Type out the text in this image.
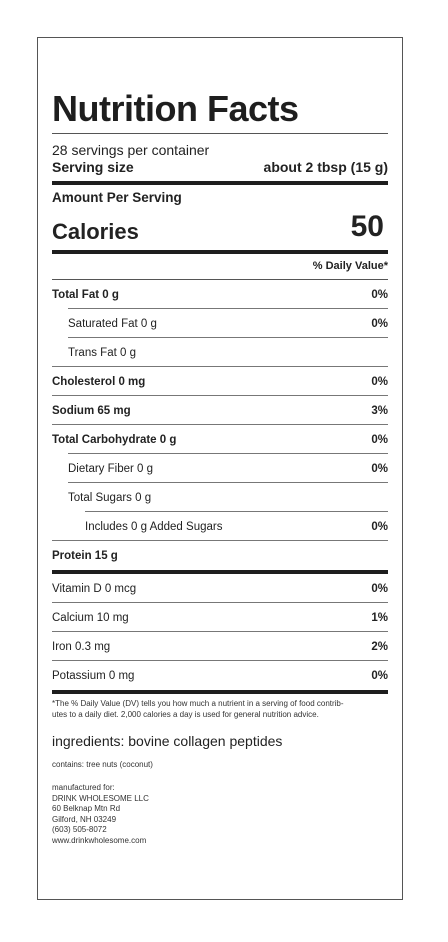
Nutrition Facts
28 servings per container
Serving size	about 2 tbsp (15 g)
Amount Per Serving
Calories	50
% Daily Value*
Total Fat 0 g	0%
Saturated Fat 0 g	0%
Trans Fat 0 g
Cholesterol 0 mg	0%
Sodium 65 mg	3%
Total Carbohydrate 0 g	0%
Dietary Fiber 0 g	0%
Total Sugars 0 g
Includes 0 g Added Sugars	0%
Protein 15 g
Vitamin D 0 mcg	0%
Calcium 10 mg	1%
Iron 0.3 mg	2%
Potassium 0 mg	0%
*The % Daily Value (DV) tells you how much a nutrient in a serving of food contrib-
utes to a daily diet. 2,000 calories a day is used for general nutrition advice.
ingredients: bovine collagen peptides
contains: tree nuts (coconut)
manufactured for:
DRINK WHOLESOME LLC
60 Belknap Mtn Rd
Gilford, NH 03249
(603) 505-8072
www.drinkwholesome.com
